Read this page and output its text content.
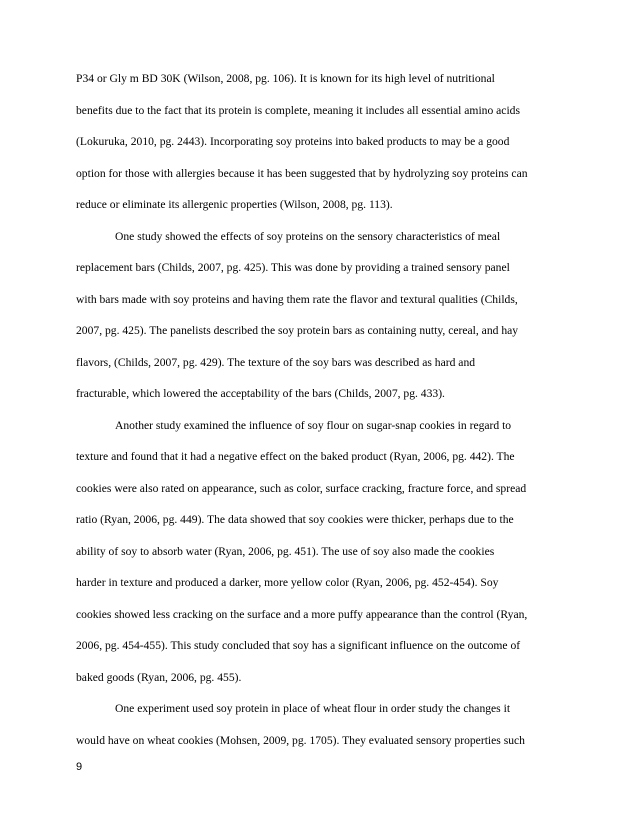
P34 or Gly m BD 30K (Wilson, 2008, pg. 106). It is known for its high level of nutritional
benefits due to the fact that its protein is complete, meaning it includes all essential amino acids
(Lokuruka, 2010, pg. 2443). Incorporating soy proteins into baked products to may be a good
option for those with allergies because it has been suggested that by hydrolyzing soy proteins can
reduce or eliminate its allergenic properties (Wilson, 2008, pg. 113).
One study showed the effects of soy proteins on the sensory characteristics of meal
replacement bars (Childs, 2007, pg. 425). This was done by providing a trained sensory panel
with bars made with soy proteins and having them rate the flavor and textural qualities (Childs,
2007, pg. 425). The panelists described the soy protein bars as containing nutty, cereal, and hay
flavors, (Childs, 2007, pg. 429). The texture of the soy bars was described as hard and
fracturable, which lowered the acceptability of the bars (Childs, 2007, pg. 433).
Another study examined the influence of soy flour on sugar-snap cookies in regard to
texture and found that it had a negative effect on the baked product (Ryan, 2006, pg. 442). The
cookies were also rated on appearance, such as color, surface cracking, fracture force, and spread
ratio (Ryan, 2006, pg. 449). The data showed that soy cookies were thicker, perhaps due to the
ability of soy to absorb water (Ryan, 2006, pg. 451). The use of soy also made the cookies
harder in texture and produced a darker, more yellow color (Ryan, 2006, pg. 452-454). Soy
cookies showed less cracking on the surface and a more puffy appearance than the control (Ryan,
2006, pg. 454-455). This study concluded that soy has a significant influence on the outcome of
baked goods (Ryan, 2006, pg. 455).
One experiment used soy protein in place of wheat flour in order study the changes it
would have on wheat cookies (Mohsen, 2009, pg. 1705). They evaluated sensory properties such
9
